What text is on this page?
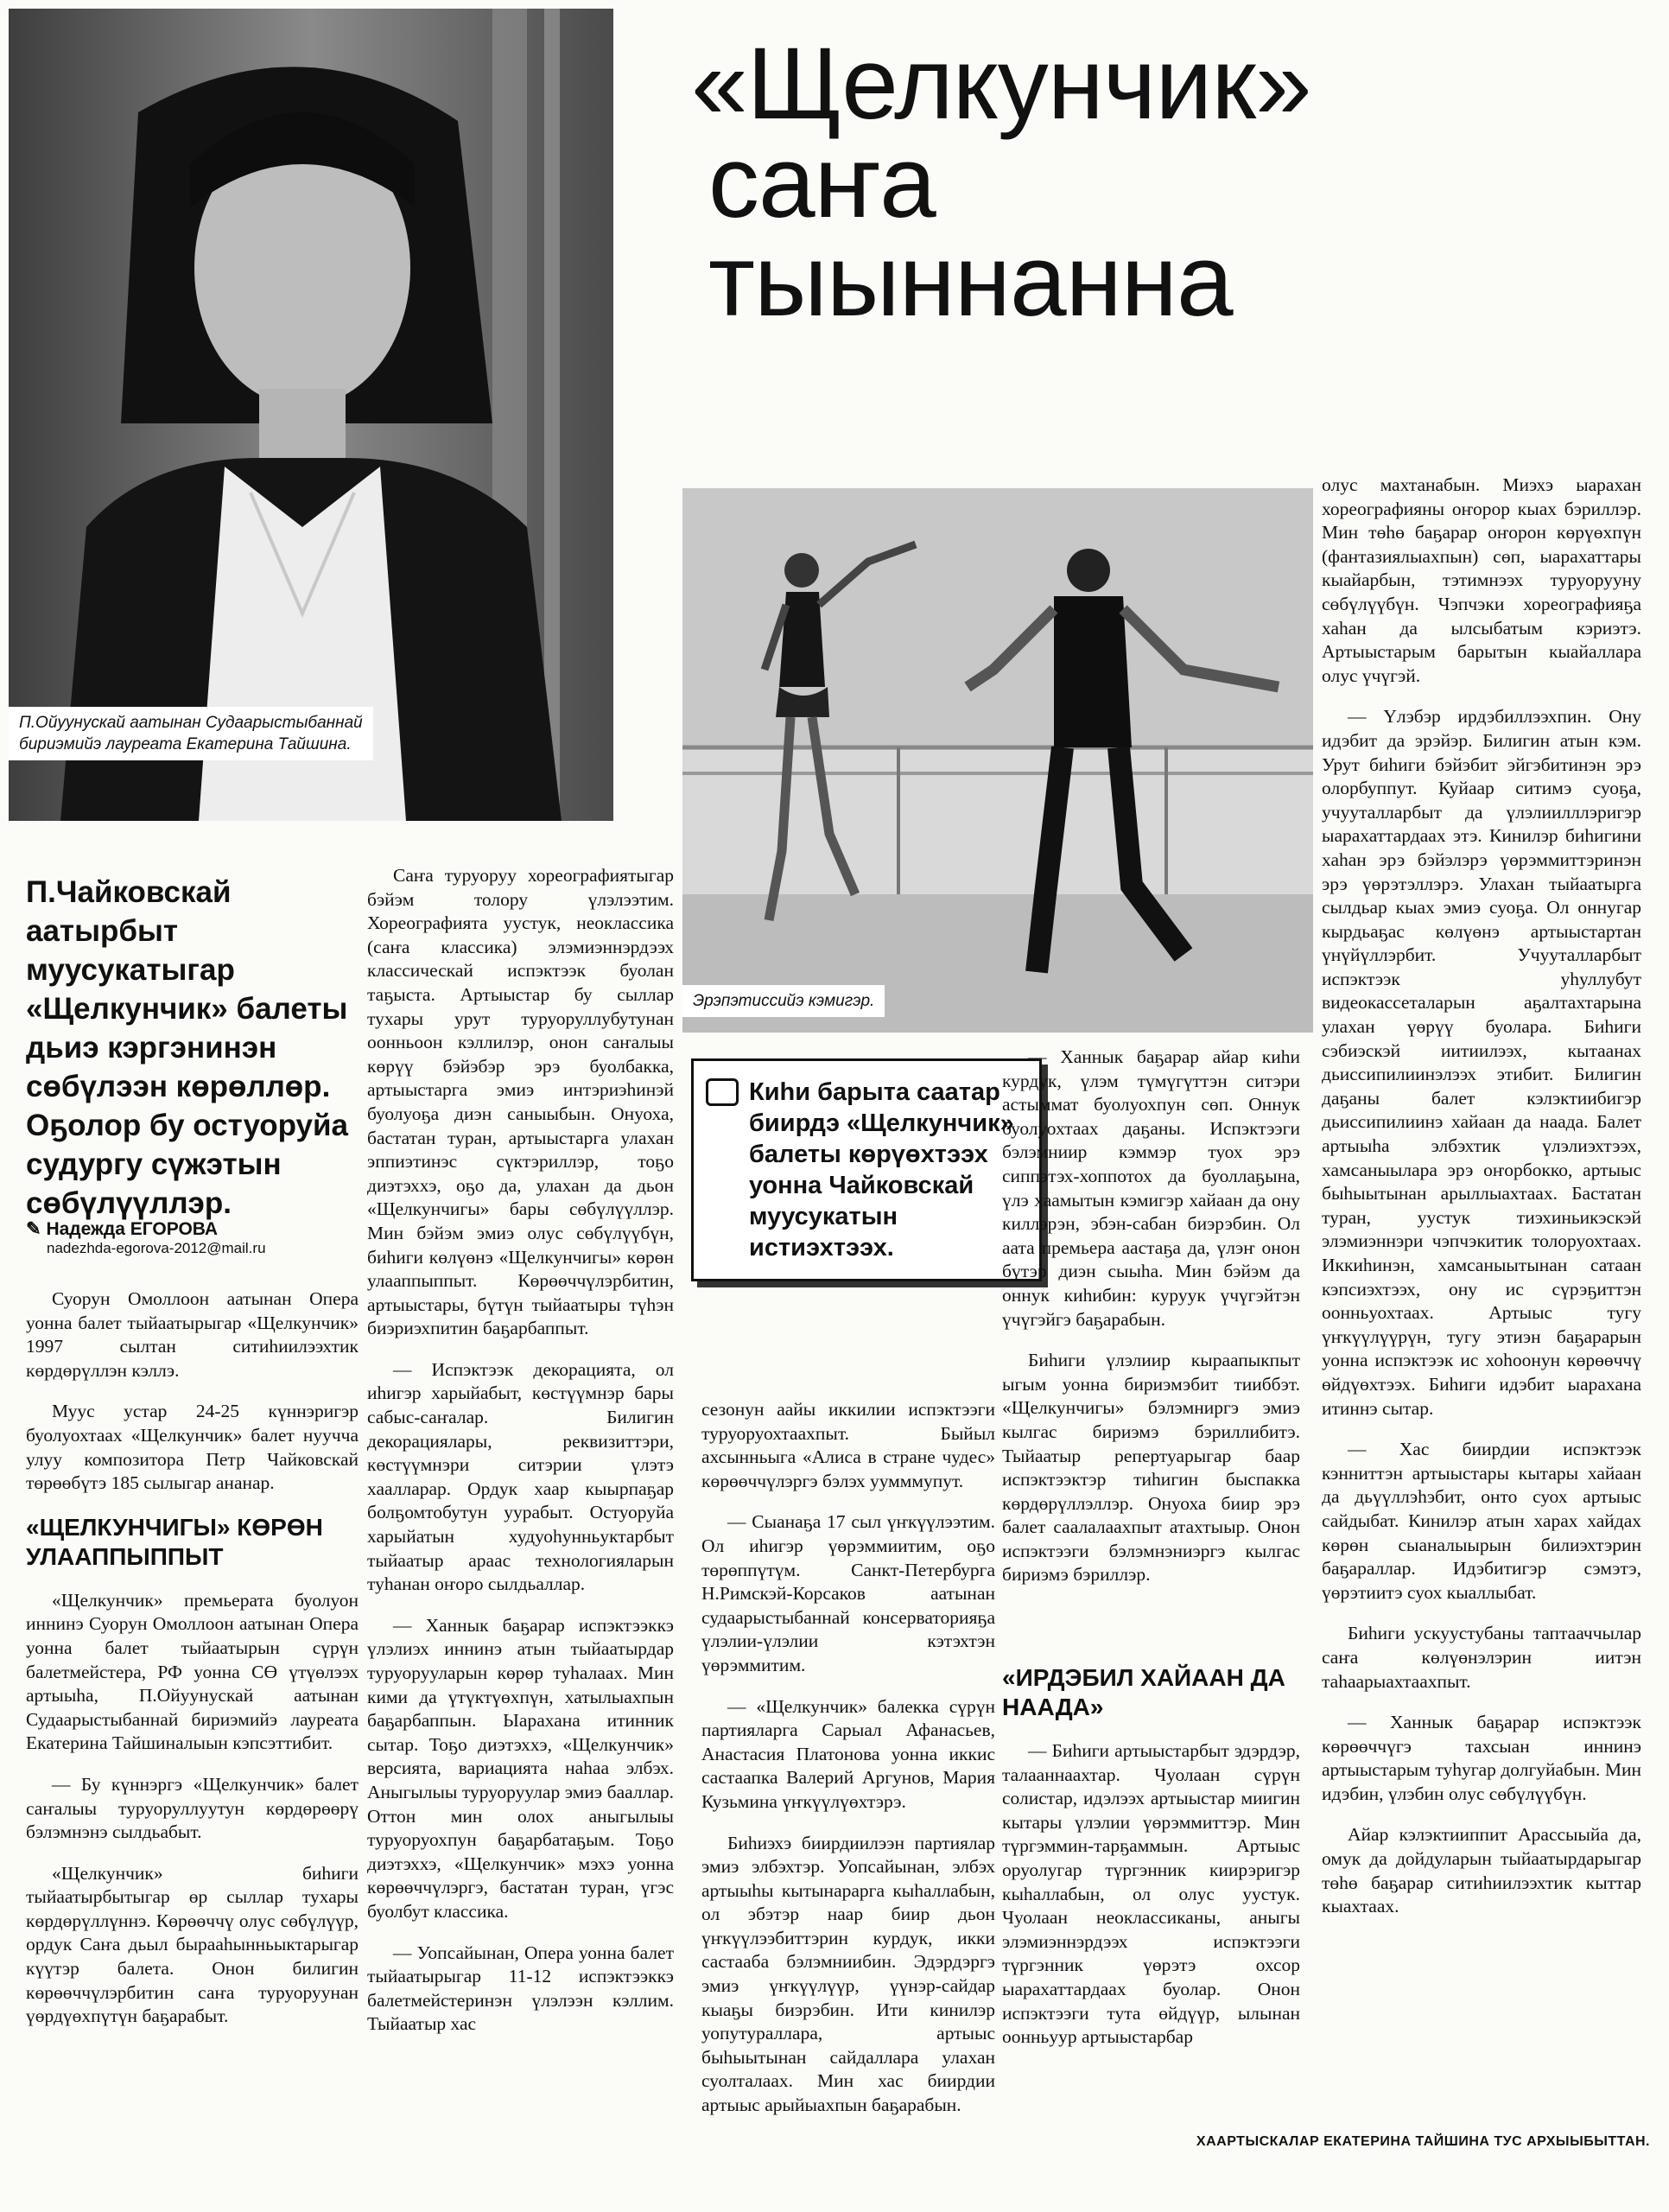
П.Ойуунускай аатынан Судаарыстыбаннай
бириэмийэ лауреата Екатерина Тайшина.
«Щелкунчик»
саҥа
тыыннанна
Эрэпэтиссийэ кэмигэр.
П.Чайковскай аатырбыт муусукатыгар «Щелкунчик» балеты дьиэ кэргэнинэн сөбүлээн көрөллөр. Оҕолор бу остуоруйа судургу сүжэтын сөбүлүүллэр.
✎ Надежда ЕГОРОВА
nadezhda-egorova-2012@mail.ru

Суорун Омоллоон аатынан Опера уонна балет тыйаатырыгар «Щелкунчик» 1997 сылтан ситиһиилээхтик көрдөрүллэн кэллэ.

Муус устар 24-25 күннэригэр буолуохтаах «Щелкунчик» балет нуучча улуу композитора Петр Чайковскай төрөөбүтэ 185 сылыгар ананар.

«ЩЕЛКУНЧИГЫ» КӨРӨН УЛААППЫППЫТ

«Щелкунчик» премьерата буолуон иннинэ Суорун Омоллоон аатынан Опера уонна балет тыйаатырын сүрүн балетмейстера, РФ уонна СӨ үтүөлээх артыыһа, П.Ойуунускай аатынан Судаарыстыбаннай бириэмийэ лауреата Екатерина Тайшиналыын кэпсэттибит.

— Бу күннэргэ «Щелкунчик» балет саҥалыы туруоруллуутун көрдөрөөрү бэлэмнэнэ сылдьабыт.

«Щелкунчик» биһиги тыйаатырбытыгар өр сыллар тухары көрдөрүллүннэ. Көрөөччү олус сөбүлүүр, ордук Саҥа дьыл бырааһынньыктарыгар күүтэр балета. Онон билигин көрөөччүлэрбитин саҥа туруоруунан үөрдүөхпүтүн баҕарабыт.

Саҥа туруоруу хореографиятыгар бэйэм толору үлэлээтим. Хореографията уустук, неоклассика (саҥа классика) элэмиэннэрдээх классическай испэктээк буолан таҕыста. Артыыстар бу сыллар тухары урут туруоруллубутунан оонньоон кэллилэр, онон саҥалыы көрүү бэйэбэр эрэ буолбакка, артыыстарга эмиэ интэриэһинэй буолуоҕа диэн саныыбын. Онуоха, бастатан туран, артыыстарга улахан эппиэтинэс сүктэриллэр, тоҕо диэтэххэ, оҕо да, улахан да дьон «Щелкунчигы» бары сөбүлүүллэр. Мин бэйэм эмиэ олус сөбүлүүбүн, биһиги көлүөнэ «Щелкунчигы» көрөн улааппыппыт. Көрөөччүлэрбитин, артыыстары, бүтүн тыйаатыры түһэн биэриэхпитин баҕарбаппыт.

— Испэктээк декорацията, ол иһигэр харыйабыт, көстүүмнэр бары сабыс-саҥалар. Билигин декорациялары, реквизиттэри, көстүүмнэри ситэрии үлэтэ хаалларар. Ордук хаар кыырпаҕар болҕомтобутун уурабыт. Остуоруйа харыйатын худуоһунньуктарбыт тыйаатыр араас технологияларын туһанан оҥоро сылдьаллар.

— Ханнык баҕарар испэктээккэ үлэлиэх иннинэ атын тыйаатырдар туруорууларын көрөр туһалаах. Мин кими да үтүктүөхпүн, хатылыахпын баҕарбаппын. Ыарахана итинник сытар. Тоҕо диэтэххэ, «Щелкунчик» версията, вариацията наһаа элбэх. Аныгылыы туруоруулар эмиэ бааллар. Оттон мин олох аныгылыы туруоруохпун баҕарбатаҕым. Тоҕо диэтэххэ, «Щелкунчик» мэхэ уонна көрөөччүлэргэ, бастатан туран, үгэс буолбут классика.

— Уопсайынан, Опера уонна балет тыйаатырыгар 11-12 испэктээккэ балетмейстеринэн үлэлээн кэллим. Тыйаатыр хас

Киһи барыта саатар биирдэ «Щелкунчик» балеты көрүөхтээх уонна Чайковскай муусукатын истиэхтээх.

сезонун аайы иккилии испэктээги туруоруохтаахпыт. Быйыл ахсынньыга «Алиса в стране чудес» көрөөччүлэргэ бэлэх уумммупут.

— Сыанаҕа 17 сыл үҥкүүлээтим. Ол иһигэр үөрэммиитим, оҕо төрөппүтүм. Санкт-Петербурга Н.Римскэй-Корсаков аатынан судаарыстыбаннай консерваторияҕа үлэлии-үлэлии кэтэхтэн үөрэммитим.

— «Щелкунчик» балекка сүрүн партияларга Сарыал Афанасьев, Анастасия Платонова уонна иккис састаапка Валерий Аргунов, Мария Кузьмина үҥкүүлүөхтэрэ.

Биһиэхэ биирдиилээн партиялар эмиэ элбэхтэр. Уопсайынан, элбэх артыыһы кытынарарга кыһаллабын, ол эбэтэр наар биир дьон үҥкүүлээбиттэрин курдук, икки састааба бэлэмниибин. Эдэрдэргэ эмиэ үҥкүүлүүр, үүнэр-сайдар кыаҕы биэрэбин. Ити кинилэр уопутураллара, артыыс быһыытынан сайдаллара улахан суолталаах. Мин хас биирдии артыыс арыйыахпын баҕарабын.

— Ханнык баҕарар айар киһи курдук, үлэм түмүгүттэн ситэри астыммат буолуохпун сөп. Оннук буолуохтаах даҕаны. Испэктээги бэлэмниир кэммэр туох эрэ сиппэтэх-хоппотох да буоллаҕына, үлэ хаамытын кэмигэр хайаан да ону киллэрэн, эбэн-сабан биэрэбин. Ол аата премьера аастаҕа да, үлэҥ онон бүтэр диэн сыыһа. Мин бэйэм да оннук киһибин: куруук үчүгэйтэн үчүгэйгэ баҕарабын.

Биһиги үлэлиир кыраапыкпыт ыгым уонна бириэмэбит тииббэт. «Щелкунчигы» бэлэмниргэ эмиэ кылгас бириэмэ бэриллибитэ. Тыйаатыр репертуарыгар баар испэктээктэр тиһигин быспакка көрдөрүллэллэр. Онуоха биир эрэ балет саалалаахпыт атахтыыр. Онон испэктээги бэлэмнэниэргэ кылгас бириэмэ бэриллэр.

«ИРДЭБИЛ ХАЙААН ДА НААДА»

— Биһиги артыыстарбыт эдэрдэр, талааннаахтар. Чуолаан сүрүн солистар, идэлээх артыыстар миигин кытары үлэлии үөрэммиттэр. Мин түргэммин-тарҕаммын. Артыыс оруолугар түргэнник киирэригэр кыһаллабын, ол олус уустук. Чуолаан неоклассиканы, аныгы элэмиэннэрдээх испэктээги түргэнник үөрэтэ охсор ыарахаттардаах буолар. Онон испэктээги тута өйдүүр, ылынан оонньуур артыыстарбар

олус махтанабын. Миэхэ ыарахан хореографияны оҥорор кыах бэриллэр. Мин төһө баҕарар оҥорон көрүөхпүн (фантазиялыахпын) сөп, ыарахаттары кыайарбын, тэтимнээх туруорууну сөбүлүүбүн. Чэпчэки хореографияҕа хаһан да ылсыбатым кэриэтэ. Артыыстарым барытын кыайаллара олус үчүгэй.

— Үлэбэр ирдэбиллээхпин. Ону идэбит да эрэйэр. Билигин атын кэм. Урут биһиги бэйэбит эйгэбитинэн эрэ олорбуппут. Куйаар ситимэ суоҕа, учууталларбыт да үлэлиилллэригэр ыарахаттардаах этэ. Кинилэр биһигини хаһан эрэ бэйэлэрэ үөрэммиттэринэн эрэ үөрэтэллэрэ. Улахан тыйаатырга сылдьар кыах эмиэ суоҕа. Ол оннугар кырдьаҕас көлүөнэ артыыстартан үнүйүллэрбит. Учууталларбыт испэктээк уһуллубут видеокассеталарын аҕалтахтарына улахан үөрүү буолара. Биһиги сэбиэскэй иитиилээх, кытаанах дьиссипилиинэлээх этибит. Билигин даҕаны балет кэлэктиибигэр дьиссипилиинэ хайаан да наада. Балет артыыһа элбэхтик үлэлиэхтээх, хамсаныылара эрэ оҥорбокко, артыыс быһыытынан арыллыахтаах. Бастатан туран, уустук тиэхиньикэскэй элэмиэннэри чэпчэкитик толоруохтаах. Иккиһинэн, хамсаныытынан сатаан кэпсиэхтээх, ону ис сүрэҕиттэн оонньуохтаах. Артыыс тугу үҥкүүлүүрүн, тугу этиэн баҕарарын уонна испэктээк ис хоһоонун көрөөччү өйдүөхтээх. Биһиги идэбит ыарахана итиннэ сытар.

— Хас биирдии испэктээк кэнниттэн артыыстары кытары хайаан да дьүүллэһэбит, онто суох артыыс сайдыбат. Кинилэр атын харах хайдах көрөн сыаналыырын билиэхтэрин баҕараллар. Идэбитигэр сэмэтэ, үөрэтиитэ суох кыаллыбат.

Биһиги ускуустубаны таптааччылар саҥа көлүөнэлэрин иитэн таһаарыахтаахпыт.

— Ханнык баҕарар испэктээк көрөөччүгэ тахсыан иннинэ артыыстарым туһугар долгуйабын. Мин идэбин, үлэбин олус сөбүлүүбүн.

Айар кэлэктииппит Арассыыйа да, омук да дойдуларын тыйаатырдарыгар төһө баҕарар ситиһиилээхтик кыттар кыахтаах.

ХААРТЫСКАЛАР ЕКАТЕРИНА ТАЙШИНА ТУС АРХЫЫБЫТТАН.
